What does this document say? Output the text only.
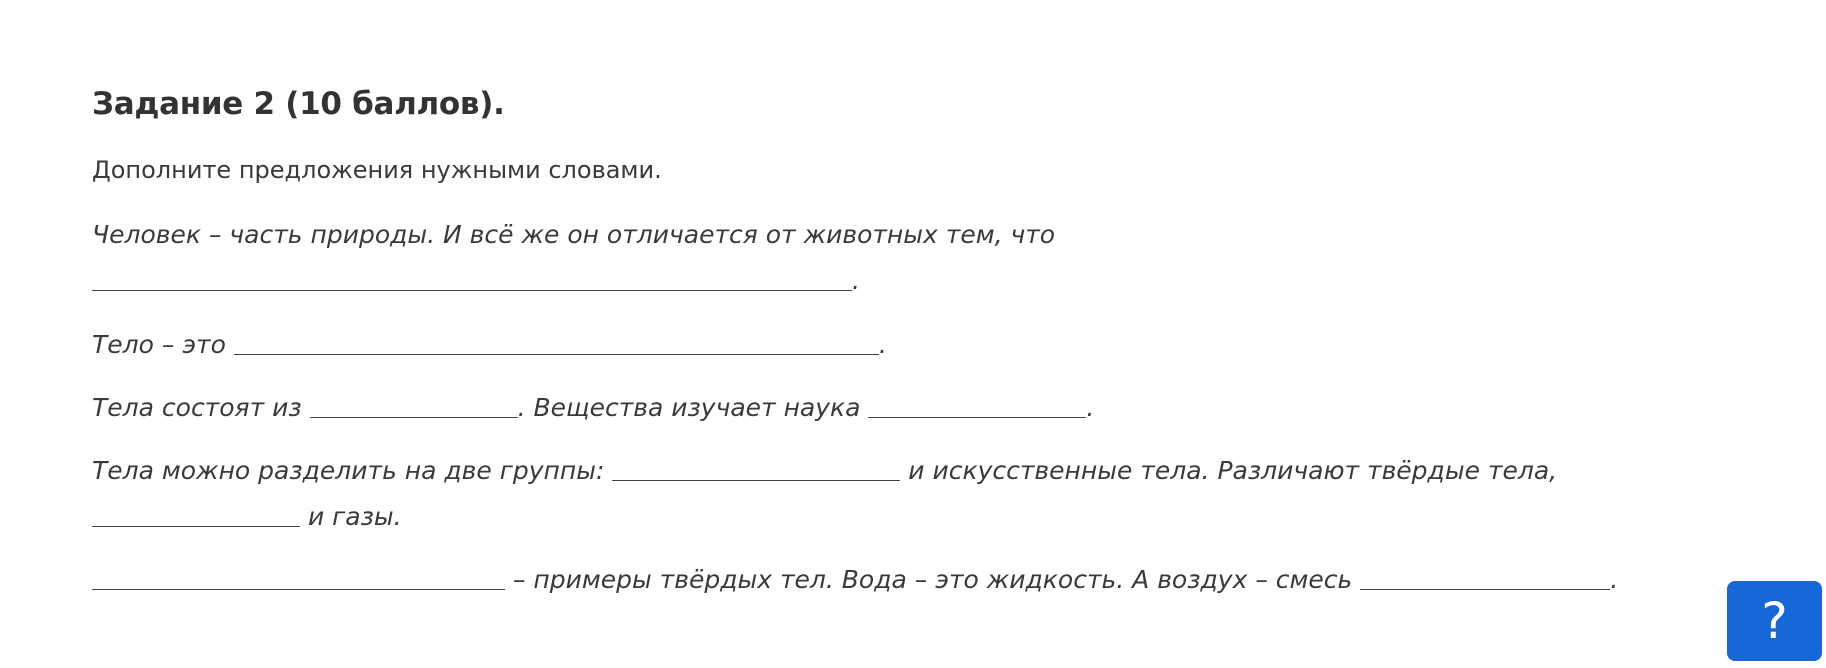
Задание 2 (10 баллов).

Дополните предложения нужными словами.

Человек – часть природы. И всё же он отличается от животных тем, что
.

Тело – это	.

Тела состоят из	. Вещества изучает наука	.

Тела можно разделить на две группы:	и искусственные тела. Различают твёрдые тела,  и газы.

– примеры твёрдых тел. Вода – это жидкость. А воздух – смесь	.

?
